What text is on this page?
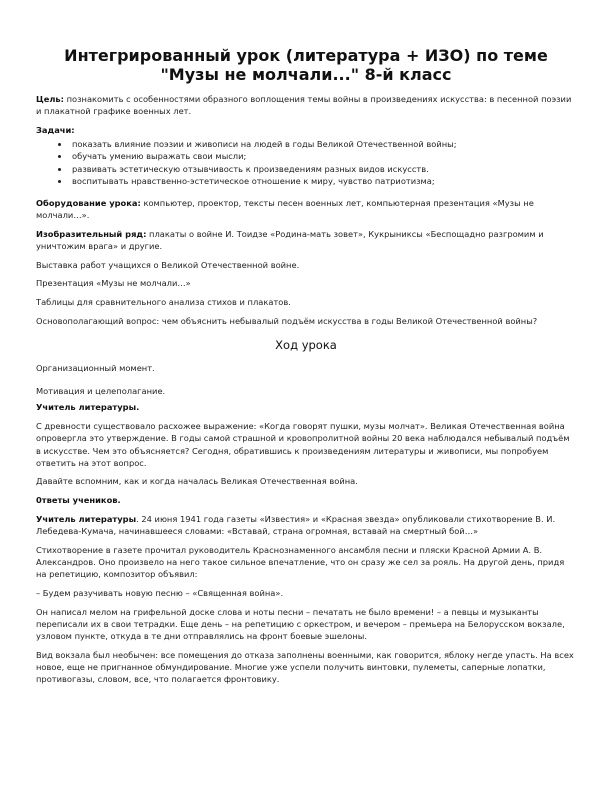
Интегрированный урок (литература + ИЗО) по теме
"Музы не молчали..." 8-й класс

Цель: познакомить с особенностями образного воплощения темы войны в произведениях искусства: в песенной поэзии и плакатной графике военных лет.

Задачи:

• показать влияние поэзии и живописи на людей в годы Великой Отечественной войны;
• обучать умению выражать свои мысли;
• развивать эстетическую отзывчивость к произведениям разных видов искусств.
• воспитывать нравственно-эстетическое отношение к миру, чувство патриотизма;

Оборудование урока: компьютер, проектор, тексты песен военных лет, компьютерная презентация «Музы не молчали…».

Изобразительный ряд: плакаты о войне И. Тоидзе «Родина-мать зовет», Кукрыниксы «Беспощадно разгромим и уничтожим врага» и другие.

Выставка работ учащихся о Великой Отечественной войне.

Презентация «Музы не молчали…»

Таблицы для сравнительного анализа стихов и плакатов.

Основополагающий вопрос: чем объяснить небывалый подъём искусства в годы Великой Отечественной войны?

Ход урока

Организационный момент.

Мотивация и целеполагание.

Учитель литературы.

С древности существовало расхожее выражение: «Когда говорят пушки, музы молчат». Великая Отечественная война опровергла это утверждение. В годы самой страшной и кровопролитной войны 20 века наблюдался небывалый подъём в искусстве. Чем это объясняется? Сегодня, обратившись к произведениям литературы и живописи, мы попробуем ответить на этот вопрос.

Давайте вспомним, как и когда началась Великая Отечественная война.

0тветы учеников.

Учитель литературы. 24 июня 1941 года газеты «Известия» и «Красная звезда» опубликовали стихотворение В. И. Лебедева-Кумача, начинавшееся словами: «Вставай, страна огромная, вставай на смертный бой…»

Стихотворение в газете прочитал руководитель Краснознаменного ансамбля песни и пляски Красной Армии А. В. Александров. Оно произвело на него такое сильное впечатление, что он сразу же сел за рояль. На другой день, придя на репетицию, композитор объявил:

– Будем разучивать новую песню – «Священная война».

Он написал мелом на грифельной доске слова и ноты песни – печатать не было времени! – а певцы и музыканты переписали их в свои тетрадки. Еще день – на репетицию с оркестром, и вечером – премьера на Белорусском вокзале, узловом пункте, откуда в те дни отправлялись на фронт боевые эшелоны.

Вид вокзала был необычен: все помещения до отказа заполнены военными, как говорится, яблоку негде упасть. На всех новое, еще не пригнанное обмундирование. Многие уже успели получить винтовки, пулеметы, саперные лопатки, противогазы, словом, все, что полагается фронтовику.
